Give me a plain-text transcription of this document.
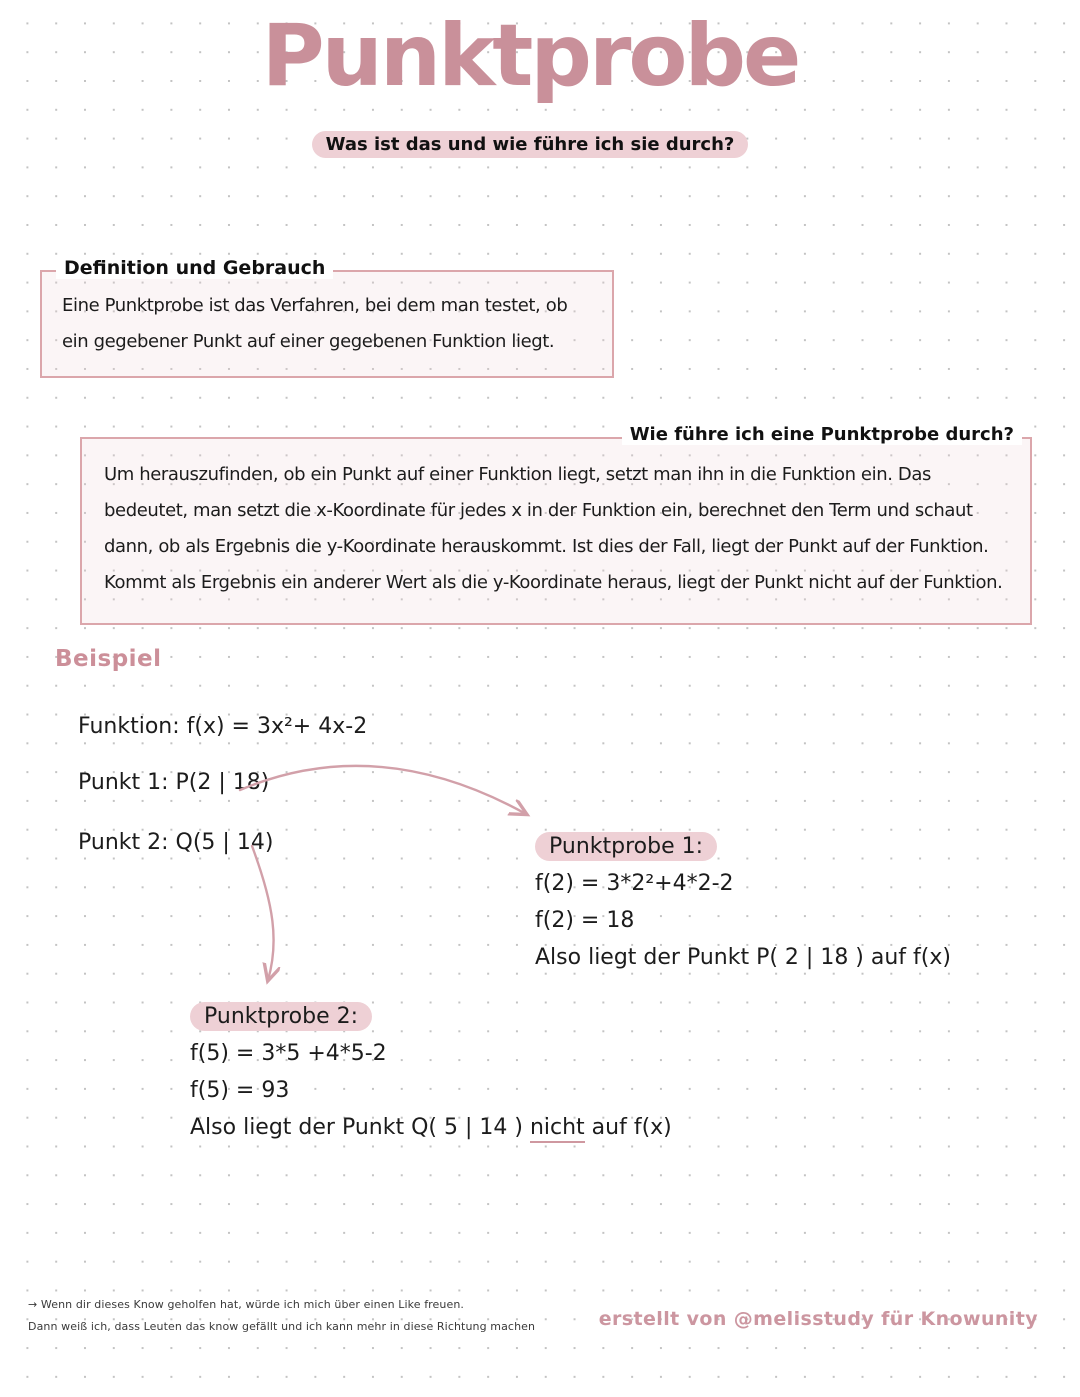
Punktprobe
Was ist das und wie führe ich sie durch?
Definition und Gebrauch

Eine Punktprobe ist das Verfahren, bei dem man testet, ob ein gegebener Punkt auf einer gegebenen Funktion liegt.

Wie führe ich eine Punktprobe durch?

Um herauszufinden, ob ein Punkt auf einer Funktion liegt, setzt man ihn in die Funktion ein. Das bedeutet, man setzt die x-Koordinate für jedes x in der Funktion ein, berechnet den Term und schaut dann, ob als Ergebnis die y-Koordinate herauskommt. Ist dies der Fall, liegt der Punkt auf der Funktion. Kommt als Ergebnis ein anderer Wert als die y-Koordinate heraus, liegt der Punkt nicht auf der Funktion.

Beispiel
Funktion: f(x) = 3x²+ 4x-2
Punkt 1: P(2 | 18)
Punkt 2: Q(5 | 14)	Punktprobe 1:
f(2) = 3*2²+4*2-2
f(2) = 18
Also liegt der Punkt P( 2 | 18 ) auf f(x)
Punktprobe 2:
f(5) = 3*5 +4*5-2
f(5) = 93
Also liegt der Punkt Q( 5 | 14 ) nicht auf f(x)
→ Wenn dir dieses Know geholfen hat, würde ich mich über einen Like freuen.
Dann weiß ich, dass Leuten das know gefällt und ich kann mehr in diese Richtung machen	erstellt von @melisstudy für Knowunity
